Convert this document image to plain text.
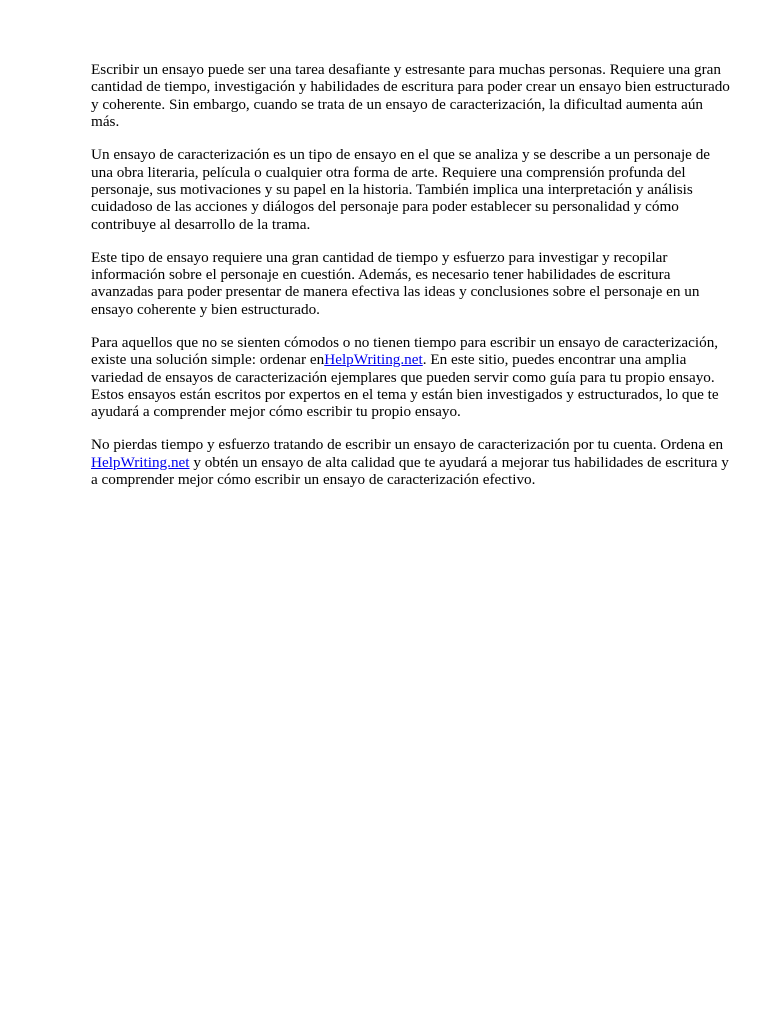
Escribir un ensayo puede ser una tarea desafiante y estresante para muchas personas. Requiere una gran cantidad de tiempo, investigación y habilidades de escritura para poder crear un ensayo bien estructurado y coherente. Sin embargo, cuando se trata de un ensayo de caracterización, la dificultad aumenta aún más.

Un ensayo de caracterización es un tipo de ensayo en el que se analiza y se describe a un personaje de una obra literaria, película o cualquier otra forma de arte. Requiere una comprensión profunda del personaje, sus motivaciones y su papel en la historia. También implica una interpretación y análisis cuidadoso de las acciones y diálogos del personaje para poder establecer su personalidad y cómo contribuye al desarrollo de la trama.

Este tipo de ensayo requiere una gran cantidad de tiempo y esfuerzo para investigar y recopilar información sobre el personaje en cuestión. Además, es necesario tener habilidades de escritura avanzadas para poder presentar de manera efectiva las ideas y conclusiones sobre el personaje en un ensayo coherente y bien estructurado.

Para aquellos que no se sienten cómodos o no tienen tiempo para escribir un ensayo de caracterización, existe una solución simple: ordenar enHelpWriting.net. En este sitio, puedes encontrar una amplia variedad de ensayos de caracterización ejemplares que pueden servir como guía para tu propio ensayo. Estos ensayos están escritos por expertos en el tema y están bien investigados y estructurados, lo que te ayudará a comprender mejor cómo escribir tu propio ensayo.

No pierdas tiempo y esfuerzo tratando de escribir un ensayo de caracterización por tu cuenta. Ordena en HelpWriting.net y obtén un ensayo de alta calidad que te ayudará a mejorar tus habilidades de escritura y a comprender mejor cómo escribir un ensayo de caracterización efectivo.
